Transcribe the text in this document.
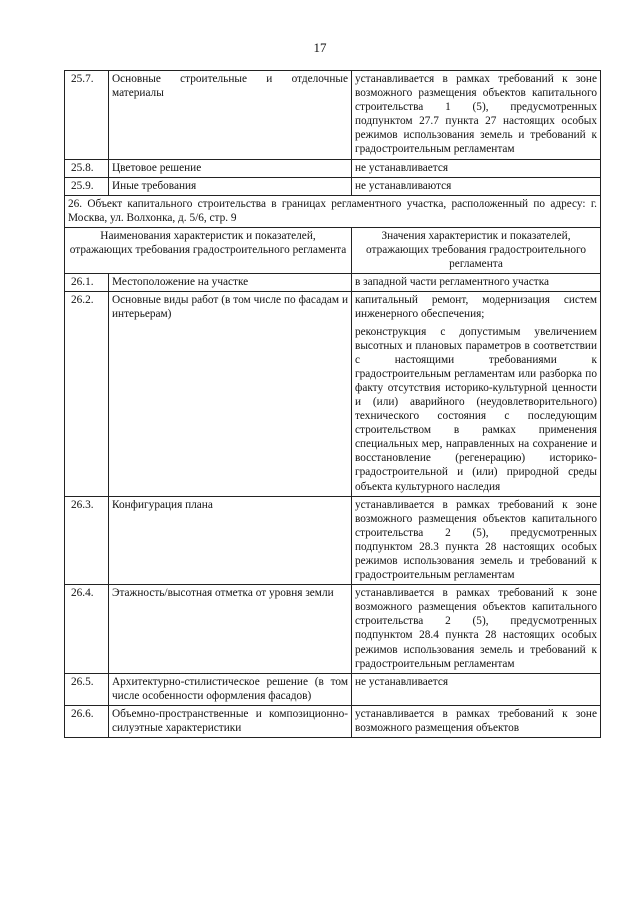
17
25.7.	Основные строительные и отделочные материалы	устанавливается в рамках требований к зоне возможного размещения объектов капитального строительства 1 (5), предусмотренных подпунктом 27.7 пункта 27 настоящих особых режимов использования земель и требований к градостроительным регламентам
25.8.	Цветовое решение	не устанавливается
25.9.	Иные требования	не устанавливаются
26. Объект капитального строительства в границах регламентного участка, расположенный по адресу: г. Москва, ул. Волхонка, д. 5/6, стр. 9		
Наименования характеристик и показателей, отражающих требования градостроительного регламента		Значения характеристик и показателей, отражающих требования градостроительного регламента
26.1.	Местоположение на участке	в западной части регламентного участка

26.2.	Основные виды работ (в том числе по фасадам и интерьерам)	капитальный ремонт, модернизация систем инженерного обеспечения;

реконструкция с допустимым увеличением высотных и плановых параметров в соответствии с настоящими требованиями к градостроительным регламентам или разборка по факту отсутствия историко-культурной ценности и (или) аварийного (неудовлетворительного) технического состояния с последующим строительством в рамках применения специальных мер, направленных на сохранение и восстановление (регенерацию) историко-градостроительной и (или) природной среды объекта культурного наследия

26.3.	Конфигурация плана	устанавливается в рамках требований к зоне возможного размещения объектов капитального строительства 2 (5), предусмотренных подпунктом 28.3 пункта 28 настоящих особых режимов использования земель и требований к градостроительным регламентам

26.4.	Этажность/высотная отметка от уровня земли	устанавливается в рамках требований к зоне возможного размещения объектов капитального строительства 2 (5), предусмотренных подпунктом 28.4 пункта 28 настоящих особых режимов использования земель и требований к градостроительным регламентам

26.5.	Архитектурно-стилистическое решение (в том числе особенности оформления фасадов)	не устанавливается

26.6.	Объемно-пространственные и композиционно-силуэтные характеристики	устанавливается в рамках требований к зоне возможного размещения объектов
